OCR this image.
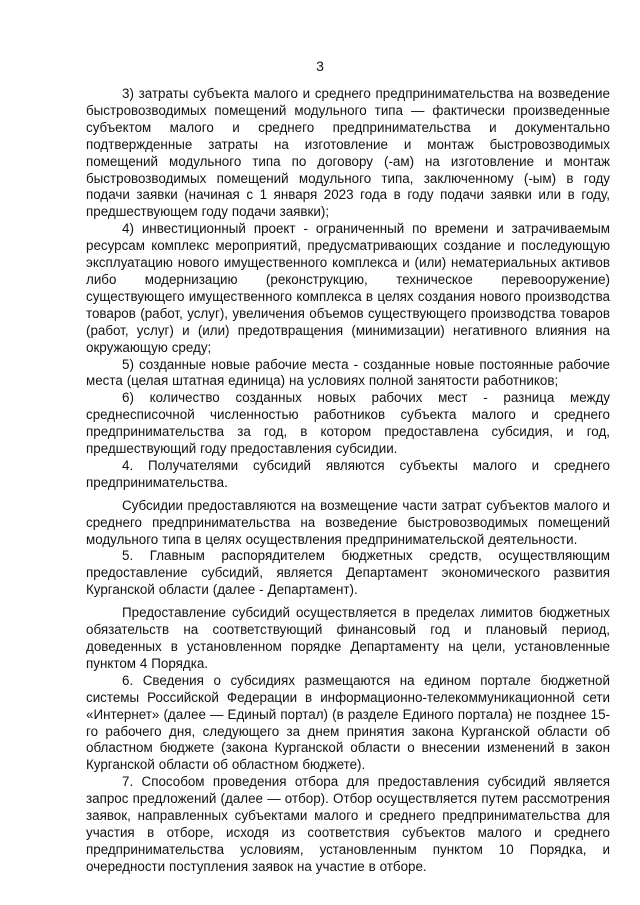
3

3) затраты субъекта малого и среднего предпринимательства на возведение быстровозводимых помещений модульного типа — фактически произведенные субъектом малого и среднего предпринимательства и документально подтвержденные затраты на изготовление и монтаж быстровозводимых помещений модульного типа по договору (-ам) на изготовление и монтаж быстровозводимых помещений модульного типа, заключенному (-ым) в году подачи заявки (начиная с 1 января 2023 года в году подачи заявки или в году, предшествующем году подачи заявки);

4) инвестиционный проект - ограниченный по времени и затрачиваемым ресурсам комплекс мероприятий, предусматривающих создание и последующую эксплуатацию нового имущественного комплекса и (или) нематериальных активов либо модернизацию (реконструкцию, техническое перевооружение) существующего имущественного комплекса в целях создания нового производства товаров (работ, услуг), увеличения объемов существующего производства товаров (работ, услуг) и (или) предотвращения (минимизации) негативного влияния на окружающую среду;

5) созданные новые рабочие места - созданные новые постоянные рабочие места (целая штатная единица) на условиях полной занятости работников;

6) количество созданных новых рабочих мест - разница между среднесписочной численностью работников субъекта малого и среднего предпринимательства за год, в котором предоставлена субсидия, и год, предшествующий году предоставления субсидии.

4. Получателями субсидий являются субъекты малого и среднего предпринимательства.

Субсидии предоставляются на возмещение части затрат субъектов малого и среднего предпринимательства на возведение быстровозводимых помещений модульного типа в целях осуществления предпринимательской деятельности.

5. Главным распорядителем бюджетных средств, осуществляющим предоставление субсидий, является Департамент экономического развития Курганской области (далее - Департамент).

Предоставление субсидий осуществляется в пределах лимитов бюджетных обязательств на соответствующий финансовый год и плановый период, доведенных в установленном порядке Департаменту на цели, установленные пунктом 4 Порядка.

6. Сведения о субсидиях размещаются на едином портале бюджетной системы Российской Федерации в информационно-телекоммуникационной сети «Интернет» (далее — Единый портал) (в разделе Единого портала) не позднее 15-го рабочего дня, следующего за днем принятия закона Курганской области об областном бюджете (закона Курганской области о внесении изменений в закон Курганской области об областном бюджете).

7. Способом проведения отбора для предоставления субсидий является запрос предложений (далее — отбор). Отбор осуществляется путем рассмотрения заявок, направленных субъектами малого и среднего предпринимательства для участия в отборе, исходя из соответствия субъектов малого и среднего предпринимательства условиям, установленным пунктом 10 Порядка, и очередности поступления заявок на участие в отборе.
